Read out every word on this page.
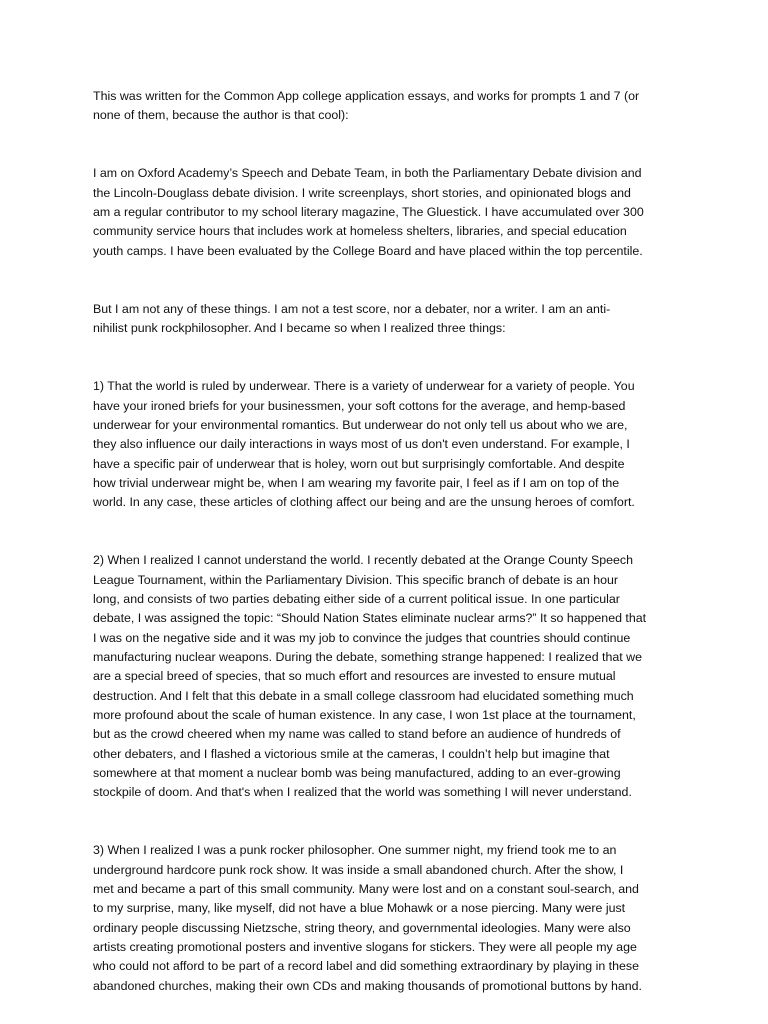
This was written for the Common App college application essays, and works for prompts 1 and 7 (or
none of them, because the author is that cool):

I am on Oxford Academy’s Speech and Debate Team, in both the Parliamentary Debate division and
the Lincoln-Douglass debate division. I write screenplays, short stories, and opinionated blogs and
am a regular contributor to my school literary magazine, The Gluestick. I have accumulated over 300
community service hours that includes work at homeless shelters, libraries, and special education
youth camps. I have been evaluated by the College Board and have placed within the top percentile.

But I am not any of these things. I am not a test score, nor a debater, nor a writer. I am an anti-
nihilist punk rockphilosopher. And I became so when I realized three things:

1) That the world is ruled by underwear. There is a variety of underwear for a variety of people. You
have your ironed briefs for your businessmen, your soft cottons for the average, and hemp-based
underwear for your environmental romantics. But underwear do not only tell us about who we are,
they also influence our daily interactions in ways most of us don't even understand. For example, I
have a specific pair of underwear that is holey, worn out but surprisingly comfortable. And despite
how trivial underwear might be, when I am wearing my favorite pair, I feel as if I am on top of the
world. In any case, these articles of clothing affect our being and are the unsung heroes of comfort.

2) When I realized I cannot understand the world. I recently debated at the Orange County Speech
League Tournament, within the Parliamentary Division. This specific branch of debate is an hour
long, and consists of two parties debating either side of a current political issue. In one particular
debate, I was assigned the topic: “Should Nation States eliminate nuclear arms?” It so happened that
I was on the negative side and it was my job to convince the judges that countries should continue
manufacturing nuclear weapons. During the debate, something strange happened: I realized that we
are a special breed of species, that so much effort and resources are invested to ensure mutual
destruction. And I felt that this debate in a small college classroom had elucidated something much
more profound about the scale of human existence. In any case, I won 1st place at the tournament,
but as the crowd cheered when my name was called to stand before an audience of hundreds of
other debaters, and I flashed a victorious smile at the cameras, I couldn’t help but imagine that
somewhere at that moment a nuclear bomb was being manufactured, adding to an ever-growing
stockpile of doom. And that's when I realized that the world was something I will never understand.

3) When I realized I was a punk rocker philosopher. One summer night, my friend took me to an
underground hardcore punk rock show. It was inside a small abandoned church. After the show, I
met and became a part of this small community. Many were lost and on a constant soul-search, and
to my surprise, many, like myself, did not have a blue Mohawk or a nose piercing. Many were just
ordinary people discussing Nietzsche, string theory, and governmental ideologies. Many were also
artists creating promotional posters and inventive slogans for stickers. They were all people my age
who could not afford to be part of a record label and did something extraordinary by playing in these
abandoned churches, making their own CDs and making thousands of promotional buttons by hand.
